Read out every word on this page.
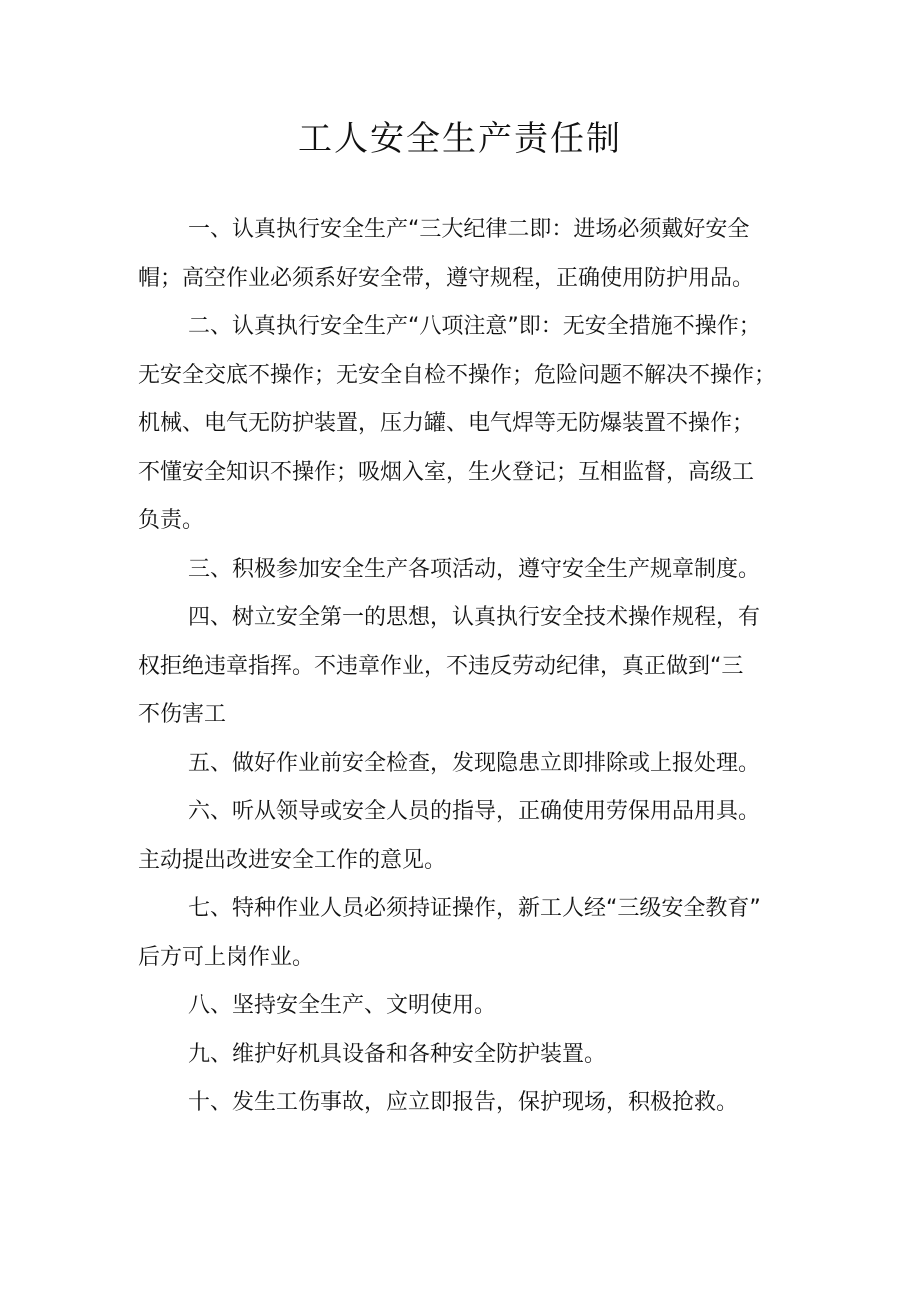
工人安全生产责任制
一、认真执行安全生产“三大纪律二即：进场必须戴好安全
帽；高空作业必须系好安全带，遵守规程，正确使用防护用品。
二、认真执行安全生产“八项注意”即：无安全措施不操作；
无安全交底不操作；无安全自检不操作；危险问题不解决不操作；
机械、电气无防护装置，压力罐、电气焊等无防爆装置不操作；
不懂安全知识不操作；吸烟入室，生火登记；互相监督，高级工
负责。
三、积极参加安全生产各项活动，遵守安全生产规章制度。
四、树立安全第一的思想，认真执行安全技术操作规程，有
权拒绝违章指挥。不违章作业，不违反劳动纪律，真正做到“三
不伤害工
五、做好作业前安全检查，发现隐患立即排除或上报处理。
六、听从领导或安全人员的指导，正确使用劳保用品用具。
主动提出改进安全工作的意见。
七、特种作业人员必须持证操作，新工人经“三级安全教育”
后方可上岗作业。
八、坚持安全生产、文明使用。
九、维护好机具设备和各种安全防护装置。
十、发生工伤事故，应立即报告，保护现场，积极抢救。
